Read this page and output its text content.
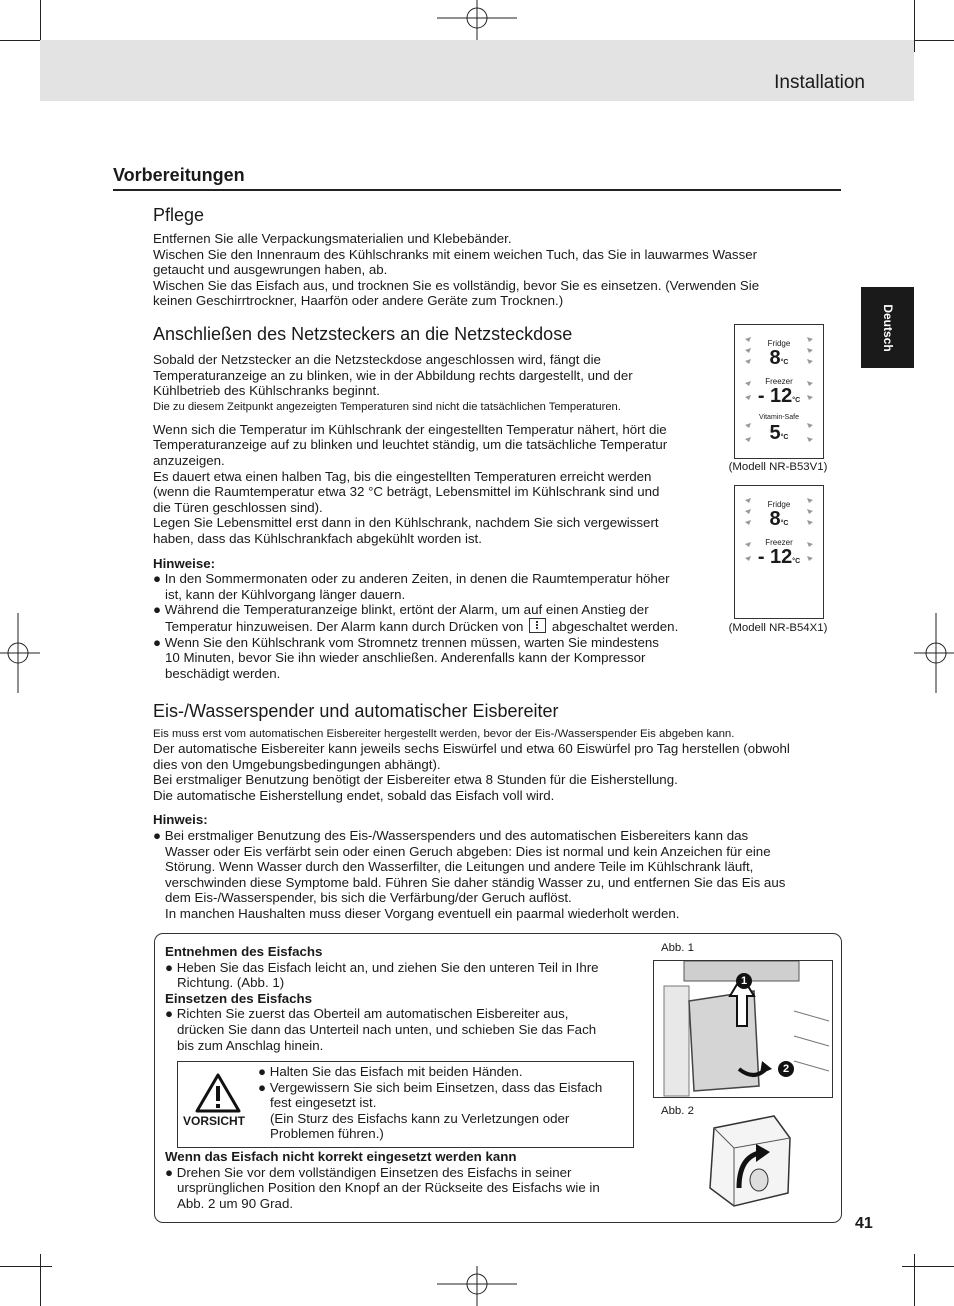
Installation
Deutsch
Vorbereitungen
Pflege
Entfernen Sie alle Verpackungsmaterialien und Klebebänder.
Wischen Sie den Innenraum des Kühlschranks mit einem weichen Tuch, das Sie in lauwarmes Wasser
getaucht und ausgewrungen haben, ab.
Wischen Sie das Eisfach aus, und trocknen Sie es vollständig, bevor Sie es einsetzen. (Verwenden Sie
keinen Geschirrtrockner, Haarfön oder andere Geräte zum Trocknen.)
Anschließen des Netzsteckers an die Netzsteckdose
Sobald der Netzstecker an die Netzsteckdose angeschlossen wird, fängt die
Temperaturanzeige an zu blinken, wie in der Abbildung rechts dargestellt, und der
Kühlbetrieb des Kühlschranks beginnt.
Die zu diesem Zeitpunkt angezeigten Temperaturen sind nicht die tatsächlichen Temperaturen.
Wenn sich die Temperatur im Kühlschrank der eingestellten Temperatur nähert, hört die
Temperaturanzeige auf zu blinken und leuchtet ständig, um die tatsächliche Temperatur
anzuzeigen.
Es dauert etwa einen halben Tag, bis die eingestellten Temperaturen erreicht werden
(wenn die Raumtemperatur etwa 32 °C beträgt, Lebensmittel im Kühlschrank sind und
die Türen geschlossen sind).
Legen Sie Lebensmittel erst dann in den Kühlschrank, nachdem Sie sich vergewissert
haben, dass das Kühlschrankfach abgekühlt worden ist.
Hinweise:
● In den Sommermonaten oder zu anderen Zeiten, in denen die Raumtemperatur höher
ist, kann der Kühlvorgang länger dauern.
● Während die Temperaturanzeige blinkt, ertönt der Alarm, um auf einen Anstieg der
Temperatur hinzuweisen. Der Alarm kann durch Drücken von abgeschaltet werden.
● Wenn Sie den Kühlschrank vom Stromnetz trennen müssen, warten Sie mindestens
10 Minuten, bevor Sie ihn wieder anschließen. Anderenfalls kann der Kompressor
beschädigt werden.
Fridge
8°C
Freezer
- 12°C
Vitamin-Safe
5°C
(Modell NR-B53V1)
Fridge
8°C
Freezer
- 12°C
(Modell NR-B54X1)
Eis-/Wasserspender und automatischer Eisbereiter
Eis muss erst vom automatischen Eisbereiter hergestellt werden, bevor der Eis-/Wasserspender Eis abgeben kann.
Der automatische Eisbereiter kann jeweils sechs Eiswürfel und etwa 60 Eiswürfel pro Tag herstellen (obwohl
dies von den Umgebungsbedingungen abhängt).
Bei erstmaliger Benutzung benötigt der Eisbereiter etwa 8 Stunden für die Eisherstellung.
Die automatische Eisherstellung endet, sobald das Eisfach voll wird.
Hinweis:
● Bei erstmaliger Benutzung des Eis-/Wasserspenders und des automatischen Eisbereiters kann das
Wasser oder Eis verfärbt sein oder einen Geruch abgeben: Dies ist normal und kein Anzeichen für eine
Störung. Wenn Wasser durch den Wasserfilter, die Leitungen und andere Teile im Kühlschrank läuft,
verschwinden diese Symptome bald. Führen Sie daher ständig Wasser zu, und entfernen Sie das Eis aus
dem Eis-/Wasserspender, bis sich die Verfärbung/der Geruch auflöst.
In manchen Haushalten muss dieser Vorgang eventuell ein paarmal wiederholt werden.
Entnehmen des Eisfachs
● Heben Sie das Eisfach leicht an, und ziehen Sie den unteren Teil in Ihre
Richtung. (Abb. 1)
Einsetzen des Eisfachs
● Richten Sie zuerst das Oberteil am automatischen Eisbereiter aus,
drücken Sie dann das Unterteil nach unten, und schieben Sie das Fach
bis zum Anschlag hinein.
VORSICHT
● Halten Sie das Eisfach mit beiden Händen.
● Vergewissern Sie sich beim Einsetzen, dass das Eisfach
fest eingesetzt ist.
(Ein Sturz des Eisfachs kann zu Verletzungen oder
Problemen führen.)
Wenn das Eisfach nicht korrekt eingesetzt werden kann
● Drehen Sie vor dem vollständigen Einsetzen des Eisfachs in seiner
ursprünglichen Position den Knopf an der Rückseite des Eisfachs wie in
Abb. 2 um 90 Grad.
Abb. 1
1
2
Abb. 2
41
